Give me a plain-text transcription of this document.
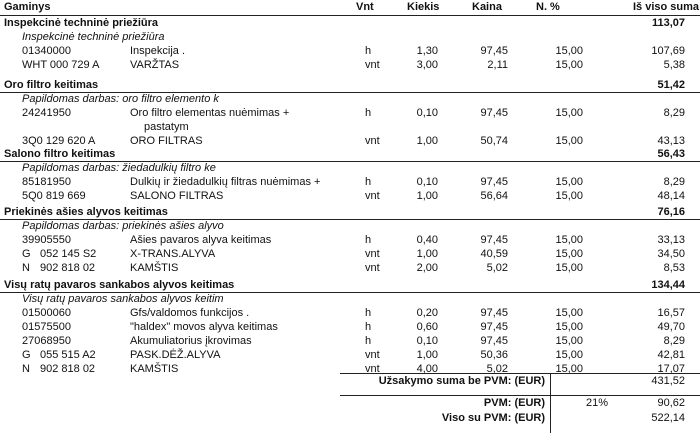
Gaminys	Vnt	Kiekis	Kaina	N. %	Iš viso suma
Inspekcinė techninė priežiūra	113,07
Inspekcinė techninė priežiūra
01340000	Inspekcija .	h	1,30	97,45	15,00	107,69
WHT 000 729 A	VARŽTAS	vnt	3,00	2,11	15,00	5,38
Oro filtro keitimas	51,42
Papildomas darbas: oro filtro elemento k
24241950	Oro filtro elementas nuėmimas +	h	0,10	97,45	15,00	8,29
pastatym
3Q0 129 620 A	ORO FILTRAS	vnt	1,00	50,74	15,00	43,13
Salono filtro keitimas	56,43
Papildomas darbas: žiedadulkių filtro ke
85181950	Dulkių ir žiedadulkių filtras nuėmimas +	h	0,10	97,45	15,00	8,29
5Q0 819 669	SALONO FILTRAS	vnt	1,00	56,64	15,00	48,14
Priekinės ašies alyvos keitimas	76,16
Papildomas darbas: priekinės ašies alyvo
39905550	Ašies pavaros alyva keitimas	h	0,40	97,45	15,00	33,13
G 052 145 S2	X-TRANS.ALYVA	vnt	1,00	40,59	15,00	34,50
N 902 818 02	KAMŠTIS	vnt	2,00	5,02	15,00	8,53
Visų ratų pavaros sankabos alyvos keitimas	134,44
Visų ratų pavaros sankabos alyvos keitim
01500060	Gfs/valdomos funkcijos .	h	0,20	97,45	15,00	16,57
01575500	"haldex" movos alyva keitimas	h	0,60	97,45	15,00	49,70
27068950	Akumuliatorius įkrovimas	h	0,10	97,45	15,00	8,29
G 055 515 A2	PASK.DĖŽ.ALYVA	vnt	1,00	50,36	15,00	42,81
N 902 818 02	KAMŠTIS	vnt	4,00	5,02	15,00	17,07
Užsakymo suma be PVM: (EUR)	431,52
PVM: (EUR)	21%	90,62
Viso su PVM: (EUR)	522,14
